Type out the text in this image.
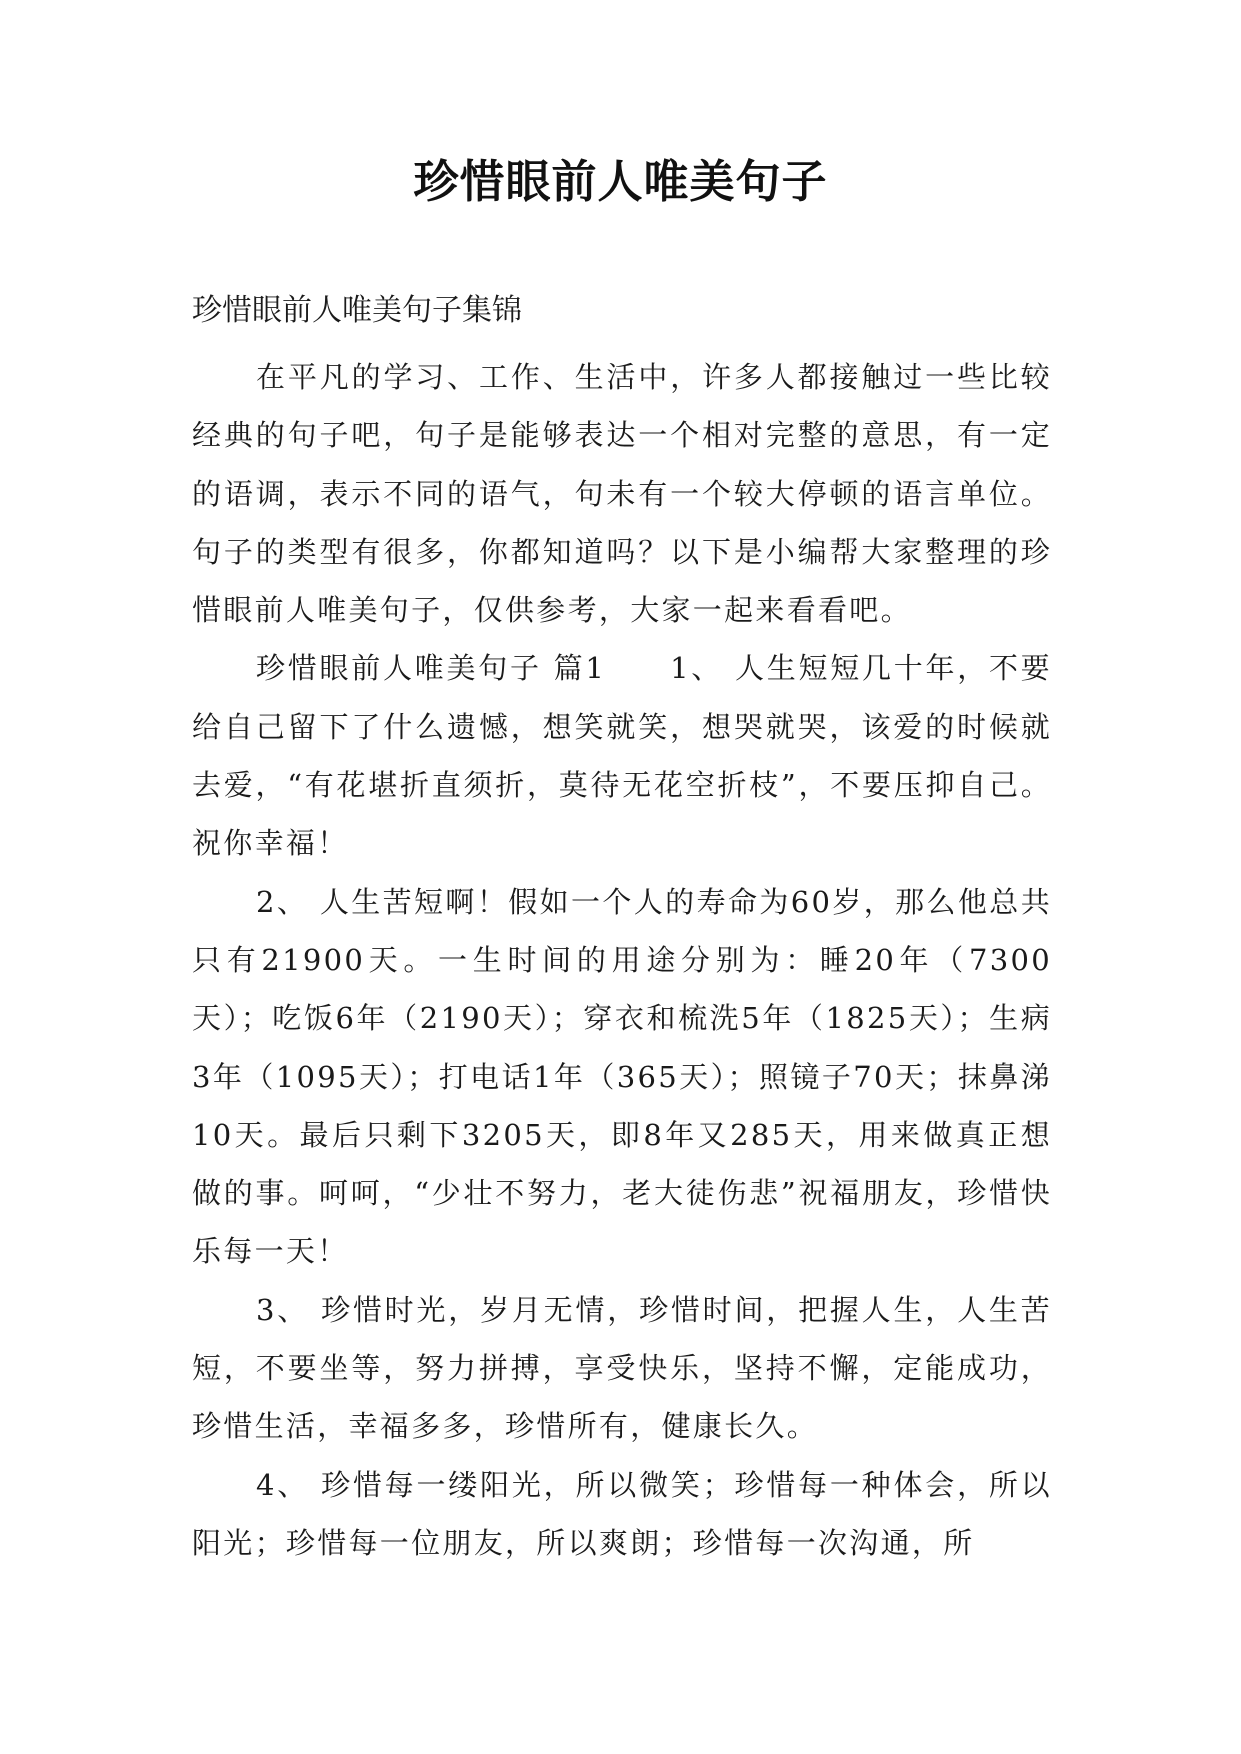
珍惜眼前人唯美句子
珍惜眼前人唯美句子集锦

在平凡的学习、工作、生活中，许多人都接触过一些比较经典的句子吧，句子是能够表达一个相对完整的意思，有一定的语调，表示不同的语气，句未有一个较大停顿的语言单位。句子的类型有很多，你都知道吗？以下是小编帮大家整理的珍惜眼前人唯美句子，仅供参考，大家一起来看看吧。

珍惜眼前人唯美句子 篇1　　1、 人生短短几十年，不要给自己留下了什么遗憾，想笑就笑，想哭就哭，该爱的时候就去爱，“有花堪折直须折，莫待无花空折枝”，不要压抑自己。祝你幸福！

2、 人生苦短啊！假如一个人的寿命为60岁，那么他总共只有21900天。一生时间的用途分别为：睡20年（7300天）；吃饭6年（2190天）；穿衣和梳洗5年（1825天）；生病3年（1095天）；打电话1年（365天）；照镜子70天；抹鼻涕10天。最后只剩下3205天，即8年又285天，用来做真正想做的事。呵呵，“少壮不努力，老大徒伤悲”祝福朋友，珍惜快乐每一天！

3、 珍惜时光，岁月无情，珍惜时间，把握人生，人生苦短，不要坐等，努力拼搏，享受快乐，坚持不懈，定能成功，珍惜生活，幸福多多，珍惜所有，健康长久。

4、 珍惜每一缕阳光，所以微笑；珍惜每一种体会，所以阳光；珍惜每一位朋友，所以爽朗；珍惜每一次沟通，所
